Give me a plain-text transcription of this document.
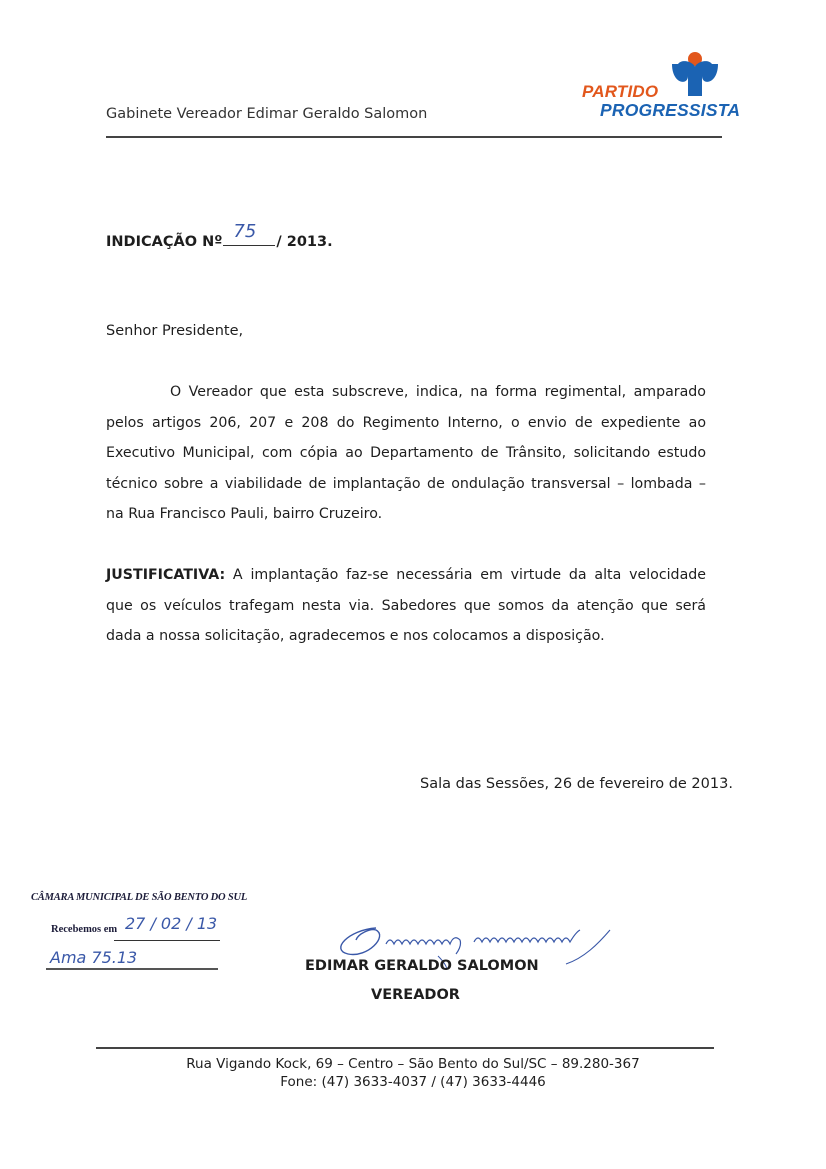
Gabinete Vereador Edimar Geraldo Salomon
PARTIDO
PROGRESSISTA
INDICAÇÃO Nº 75 / 2013.
Senhor Presidente,

O Vereador que esta subscreve, indica, na forma regimental, amparado pelos artigos 206, 207 e 208 do Regimento Interno, o envio de expediente ao Executivo Municipal, com cópia ao Departamento de Trânsito, solicitando estudo técnico sobre a viabilidade de implantação de ondulação transversal – lombada – na Rua Francisco Pauli, bairro Cruzeiro.

JUSTIFICATIVA: A implantação faz-se necessária em virtude da alta velocidade que os veículos trafegam nesta via. Sabedores que somos da atenção que será dada a nossa solicitação, agradecemos e nos colocamos a disposição.

Sala das Sessões, 26 de fevereiro de 2013.
CÂMARA MUNICIPAL DE SÃO BENTO DO SUL
Recebemos em 27 / 02 / 13
Ama 75.13	EDIMAR GERALDO SALOMON
VEREADOR
Rua Vigando Kock, 69 – Centro – São Bento do Sul/SC – 89.280-367
Fone: (47) 3633-4037 / (47) 3633-4446
